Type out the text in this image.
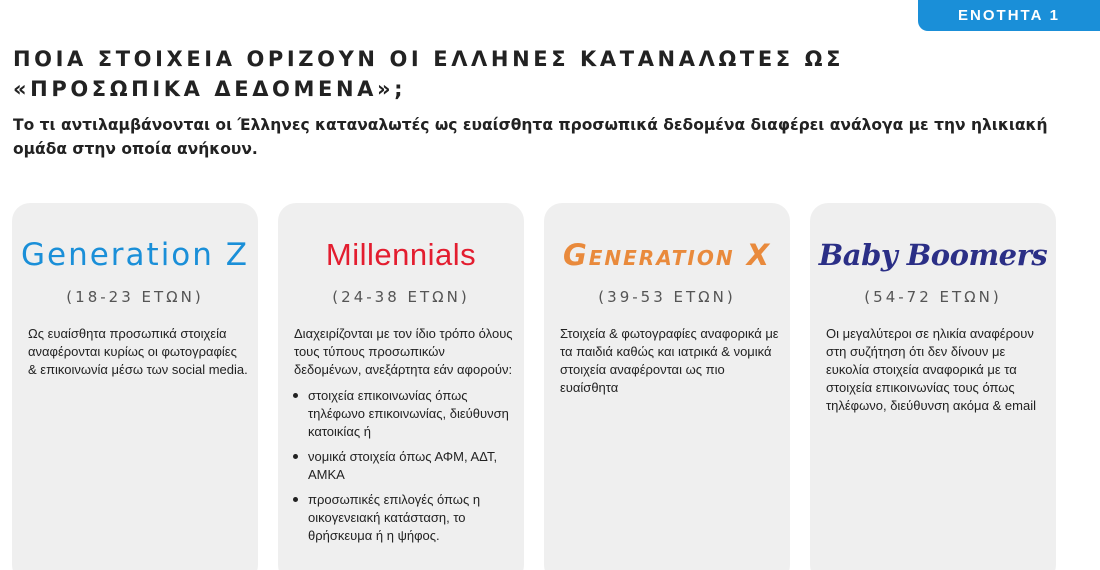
ΕΝΟΤΗΤΑ 1
ΠΟΙΑ ΣΤΟΙΧΕΙΑ ΟΡΙΖΟΥΝ ΟΙ ΕΛΛΗΝΕΣ ΚΑΤΑΝΑΛΩΤΕΣ ΩΣ «ΠΡΟΣΩΠΙΚΑ ΔΕΔΟΜΕΝΑ»;

Το τι αντιλαμβάνονται οι Έλληνες καταναλωτές ως ευαίσθητα προσωπικά δεδομένα διαφέρει ανάλογα με την ηλικιακή ομάδα στην οποία ανήκουν.

Generation Z
(18-23 ΕΤΩΝ)

Ως ευαίσθητα προσωπικά στοιχεία αναφέρονται κυρίως οι φωτογραφίες & επικοινωνία μέσω των social media.

Millennials
(24-38 ΕΤΩΝ)

Διαχειρίζονται με τον ίδιο τρόπο όλους τους τύπους προσωπικών δεδομένων, ανεξάρτητα εάν αφορούν:

στοιχεία επικοινωνίας όπως τηλέφωνο επικοινωνίας, διεύθυνση κατοικίας ή
νομικά στοιχεία όπως ΑΦΜ, ΑΔΤ, ΑΜΚΑ
προσωπικές επιλογές όπως η οικογενειακή κατάσταση, το θρήσκευμα ή η ψήφος.
Generation X
(39-53 ΕΤΩΝ)

Στοιχεία & φωτογραφίες αναφορικά με τα παιδιά καθώς και ιατρικά & νομικά στοιχεία αναφέρονται ως πιο ευαίσθητα

Baby Boomers
(54-72 ΕΤΩΝ)

Οι μεγαλύτεροι σε ηλικία αναφέρουν στη συζήτηση ότι δεν δίνουν με ευκολία στοιχεία αναφορικά με τα στοιχεία επικοινωνίας τους όπως τηλέφωνο, διεύθυνση ακόμα & email
